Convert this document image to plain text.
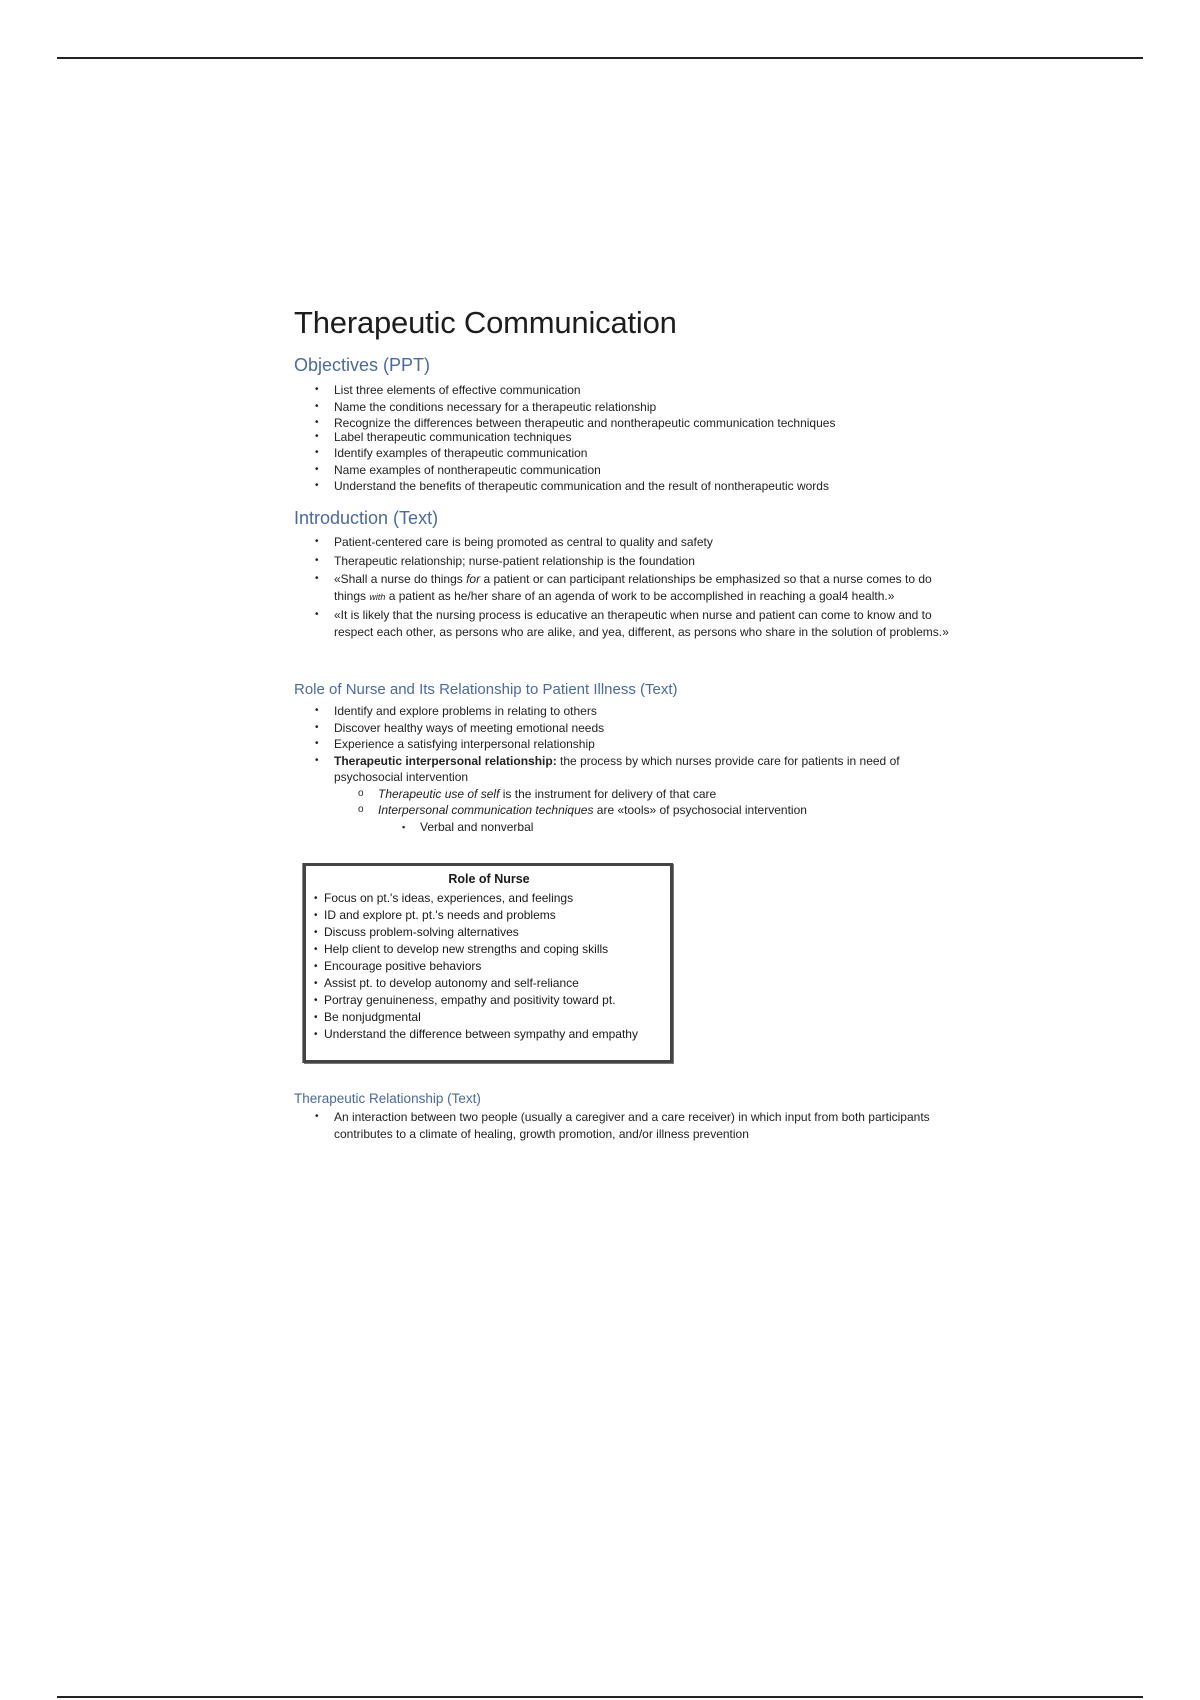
Therapeutic Communication
Objectives (PPT)
• List three elements of effective communication
• Name the conditions necessary for a therapeutic relationship
• Recognize the differences between therapeutic and nontherapeutic communication techniques
• Label therapeutic communication techniques
• Identify examples of therapeutic communication
• Name examples of nontherapeutic communication
• Understand the benefits of therapeutic communication and the result of nontherapeutic words
Introduction (Text)
• Patient-centered care is being promoted as central to quality and safety
• Therapeutic relationship; nurse-patient relationship is the foundation
• «Shall a nurse do things for a patient or can participant relationships be emphasized so that a nurse comes to do things with a patient as he/her share of an agenda of work to be accomplished in reaching a goal4 health.»
• «It is likely that the nursing process is educative an therapeutic when nurse and patient can come to know and to respect each other, as persons who are alike, and yea, different, as persons who share in the solution of problems.»
Role of Nurse and Its Relationship to Patient Illness (Text)
• Identify and explore problems in relating to others
• Discover healthy ways of meeting emotional needs
• Experience a satisfying interpersonal relationship
• Therapeutic interpersonal relationship: the process by which nurses provide care for patients in need of psychosocial intervention
o Therapeutic use of self is the instrument for delivery of that care
o Interpersonal communication techniques are «tools» of psychosocial intervention
▪ Verbal and nonverbal
Role of Nurse
• Focus on pt.'s ideas, experiences, and feelings
• ID and explore pt. pt.'s needs and problems
• Discuss problem-solving alternatives
• Help client to develop new strengths and coping skills
• Encourage positive behaviors
• Assist pt. to develop autonomy and self-reliance
• Portray genuineness, empathy and positivity toward pt.
• Be nonjudgmental
• Understand the difference between sympathy and empathy
Therapeutic Relationship (Text)
• An interaction between two people (usually a caregiver and a care receiver) in which input from both participants contributes to a climate of healing, growth promotion, and/or illness prevention
